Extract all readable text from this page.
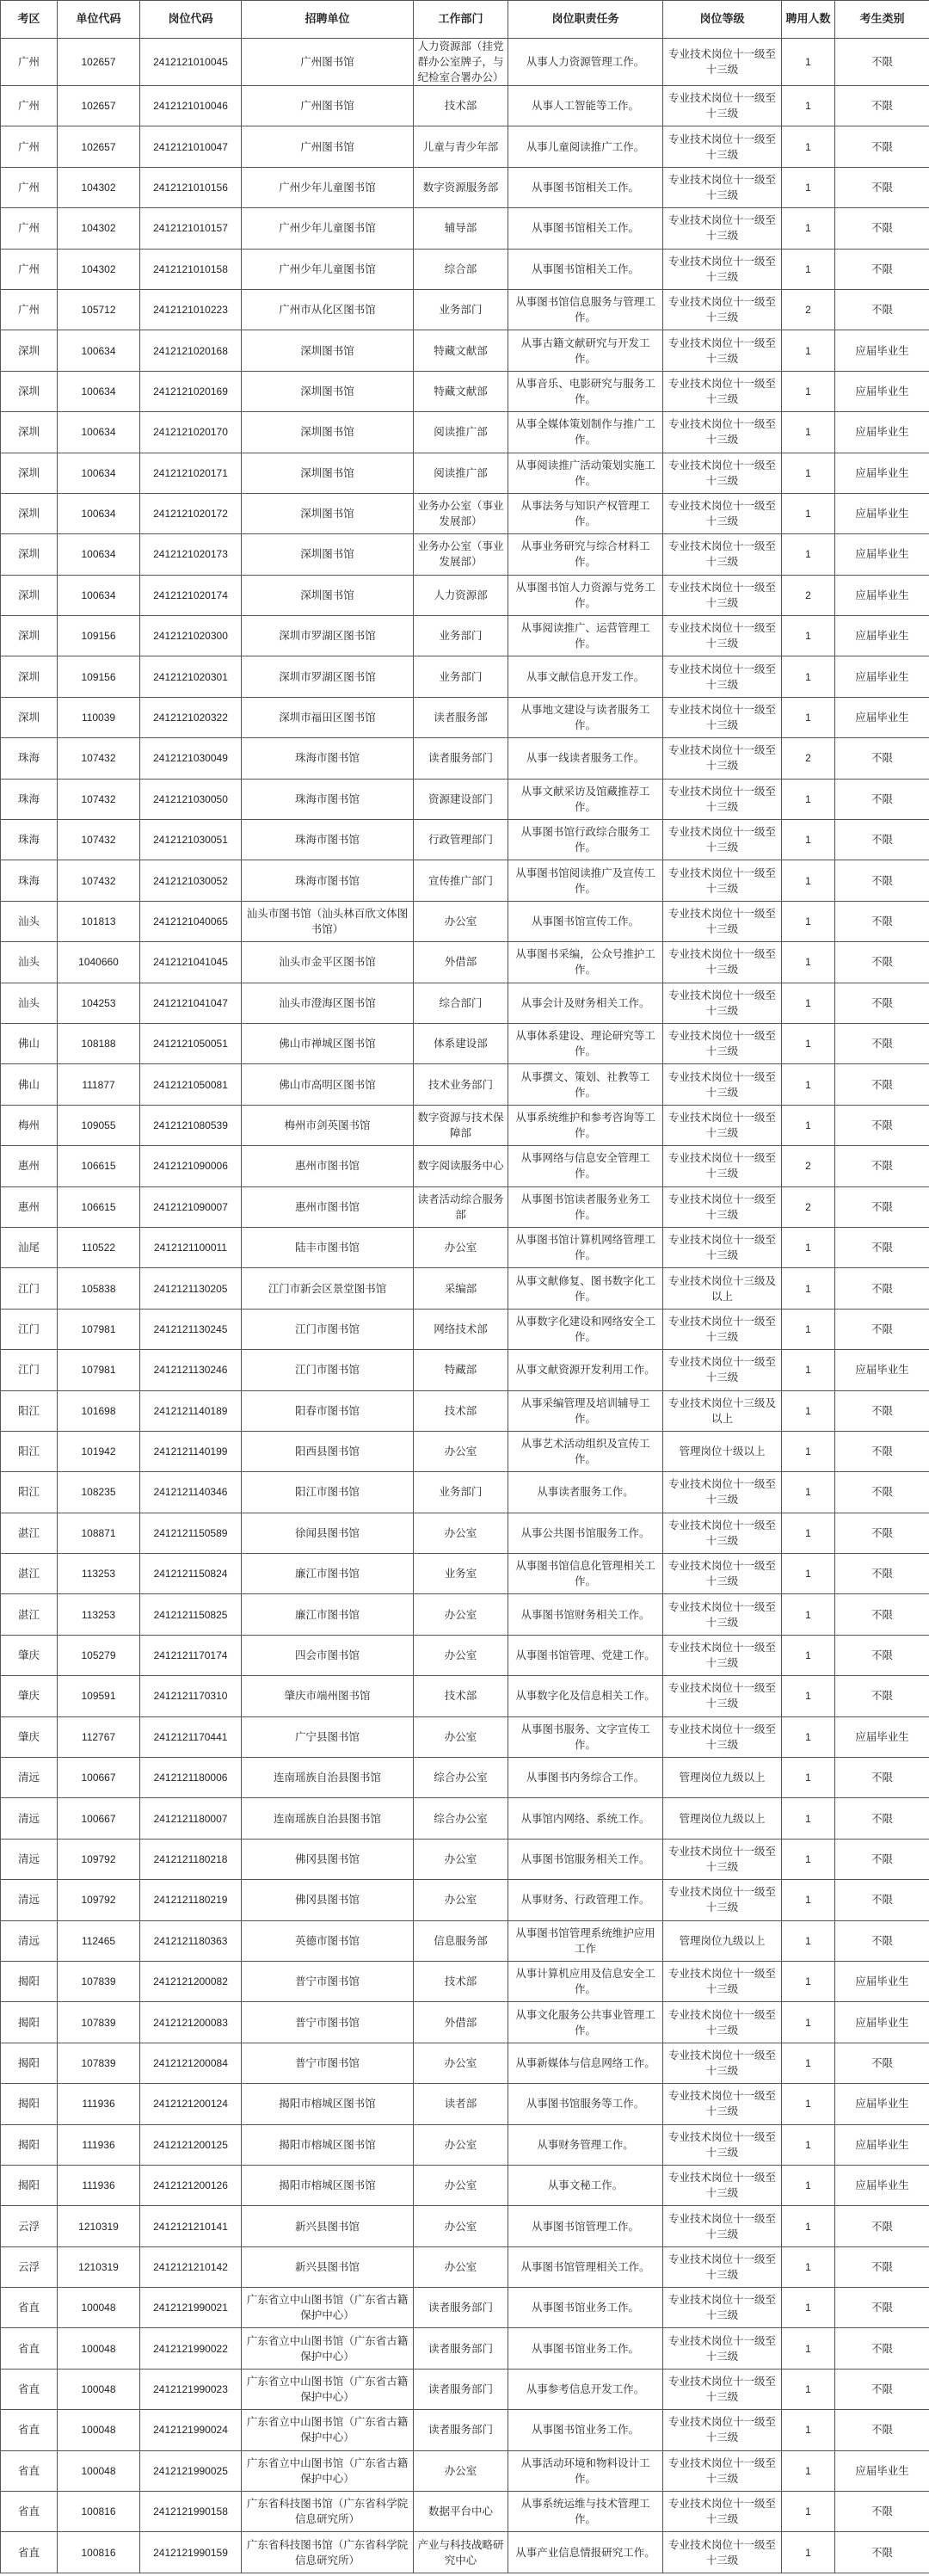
考区	单位代码	岗位代码	招聘单位	工作部门	岗位职责任务	岗位等级	聘用人数	考生类别
广州	102657	2412121010045	广州图书馆	人力资源部（挂党群办公室牌子，与纪检室合署办公）	从事人力资源管理工作。	专业技术岗位十一级至十三级	1	不限
广州	102657	2412121010046	广州图书馆	技术部	从事人工智能等工作。	专业技术岗位十一级至十三级	1	不限
广州	102657	2412121010047	广州图书馆	儿童与青少年部	从事儿童阅读推广工作。	专业技术岗位十一级至十三级	1	不限
广州	104302	2412121010156	广州少年儿童图书馆	数字资源服务部	从事图书馆相关工作。	专业技术岗位十一级至十三级	1	不限
广州	104302	2412121010157	广州少年儿童图书馆	辅导部	从事图书馆相关工作。	专业技术岗位十一级至十三级	1	不限
广州	104302	2412121010158	广州少年儿童图书馆	综合部	从事图书馆相关工作。	专业技术岗位十一级至十三级	1	不限
广州	105712	2412121010223	广州市从化区图书馆	业务部门	从事图书馆信息服务与管理工作。	专业技术岗位十一级至十三级	2	不限
深圳	100634	2412121020168	深圳图书馆	特藏文献部	从事古籍文献研究与开发工作。	专业技术岗位十一级至十三级	1	应届毕业生
深圳	100634	2412121020169	深圳图书馆	特藏文献部	从事音乐、电影研究与服务工作。	专业技术岗位十一级至十三级	1	应届毕业生
深圳	100634	2412121020170	深圳图书馆	阅读推广部	从事全媒体策划制作与推广工作。	专业技术岗位十一级至十三级	1	应届毕业生
深圳	100634	2412121020171	深圳图书馆	阅读推广部	从事阅读推广活动策划实施工作。	专业技术岗位十一级至十三级	1	应届毕业生
深圳	100634	2412121020172	深圳图书馆	业务办公室（事业发展部）	从事法务与知识产权管理工作。	专业技术岗位十一级至十三级	1	应届毕业生
深圳	100634	2412121020173	深圳图书馆	业务办公室（事业发展部）	从事业务研究与综合材料工作。	专业技术岗位十一级至十三级	1	应届毕业生
深圳	100634	2412121020174	深圳图书馆	人力资源部	从事图书馆人力资源与党务工作。	专业技术岗位十一级至十三级	2	应届毕业生
深圳	109156	2412121020300	深圳市罗湖区图书馆	业务部门	从事阅读推广、运营管理工作。	专业技术岗位十一级至十三级	1	应届毕业生
深圳	109156	2412121020301	深圳市罗湖区图书馆	业务部门	从事文献信息开发工作。	专业技术岗位十一级至十三级	1	应届毕业生
深圳	110039	2412121020322	深圳市福田区图书馆	读者服务部	从事地文建设与读者服务工作。	专业技术岗位十一级至十三级	1	应届毕业生
珠海	107432	2412121030049	珠海市图书馆	读者服务部门	从事一线读者服务工作。	专业技术岗位十一级至十三级	2	不限
珠海	107432	2412121030050	珠海市图书馆	资源建设部门	从事文献采访及馆藏推荐工作。	专业技术岗位十一级至十三级	1	不限
珠海	107432	2412121030051	珠海市图书馆	行政管理部门	从事图书馆行政综合服务工作。	专业技术岗位十一级至十三级	1	不限
珠海	107432	2412121030052	珠海市图书馆	宣传推广部门	从事图书馆阅读推广及宣传工作。	专业技术岗位十一级至十三级	1	不限
汕头	101813	2412121040065	汕头市图书馆（汕头林百欣文体图书馆）	办公室	从事图书馆宣传工作。	专业技术岗位十一级至十三级	1	不限
汕头	1040660	2412121041045	汕头市金平区图书馆	外借部	从事图书采编，公众号推护工作。	专业技术岗位十一级至十三级	1	不限
汕头	104253	2412121041047	汕头市澄海区图书馆	综合部门	从事会计及财务相关工作。	专业技术岗位十一级至十三级	1	不限
佛山	108188	2412121050051	佛山市禅城区图书馆	体系建设部	从事体系建设、理论研究等工作。	专业技术岗位十一级至十三级	1	不限
佛山	111877	2412121050081	佛山市高明区图书馆	技术业务部门	从事撰文、策划、社教等工作。	专业技术岗位十一级至十三级	1	不限
梅州	109055	2412121080539	梅州市剑英图书馆	数字资源与技术保障部	从事系统维护和参考咨询等工作。	专业技术岗位十一级至十三级	1	不限
惠州	106615	2412121090006	惠州市图书馆	数字阅读服务中心	从事网络与信息安全管理工作。	专业技术岗位十一级至十三级	2	不限
惠州	106615	2412121090007	惠州市图书馆	读者活动综合服务部	从事图书馆读者服务业务工作。	专业技术岗位十一级至十三级	2	不限
汕尾	110522	2412121100011	陆丰市图书馆	办公室	从事图书馆计算机网络管理工作。	专业技术岗位十一级至十三级	1	不限
江门	105838	2412121130205	江门市新会区景堂图书馆	采编部	从事文献修复、图书数字化工作。	专业技术岗位十三级及以上	1	不限
江门	107981	2412121130245	江门市图书馆	网络技术部	从事数字化建设和网络安全工作。	专业技术岗位十一级至十三级	1	不限
江门	107981	2412121130246	江门市图书馆	特藏部	从事文献资源开发利用工作。	专业技术岗位十一级至十三级	1	应届毕业生
阳江	101698	2412121140189	阳春市图书馆	技术部	从事采编管理及培训辅导工作。	专业技术岗位十三级及以上	1	不限
阳江	101942	2412121140199	阳西县图书馆	办公室	从事艺术活动组织及宣传工作。	管理岗位十级以上	1	不限
阳江	108235	2412121140346	阳江市图书馆	业务部门	从事读者服务工作。	专业技术岗位十一级至十三级	1	不限
湛江	108871	2412121150589	徐闻县图书馆	办公室	从事公共图书馆服务工作。	专业技术岗位十一级至十三级	1	不限
湛江	113253	2412121150824	廉江市图书馆	业务室	从事图书馆信息化管理相关工作。	专业技术岗位十一级至十三级	1	不限
湛江	113253	2412121150825	廉江市图书馆	办公室	从事图书馆财务相关工作。	专业技术岗位十一级至十三级	1	不限
肇庆	105279	2412121170174	四会市图书馆	办公室	从事图书馆管理、党建工作。	专业技术岗位十一级至十三级	1	不限
肇庆	109591	2412121170310	肇庆市端州图书馆	技术部	从事数字化及信息相关工作。	专业技术岗位十一级至十三级	1	不限
肇庆	112767	2412121170441	广宁县图书馆	办公室	从事图书服务、文字宣传工作。	专业技术岗位十一级至十三级	1	应届毕业生
清远	100667	2412121180006	连南瑶族自治县图书馆	综合办公室	从事图书内务综合工作。	管理岗位九级以上	1	不限
清远	100667	2412121180007	连南瑶族自治县图书馆	综合办公室	从事馆内网络、系统工作。	管理岗位九级以上	1	不限
清远	109792	2412121180218	佛冈县图书馆	办公室	从事图书馆服务相关工作。	专业技术岗位十一级至十三级	1	不限
清远	109792	2412121180219	佛冈县图书馆	办公室	从事财务、行政管理工作。	专业技术岗位十一级至十三级	1	不限
清远	112465	2412121180363	英德市图书馆	信息服务部	从事图书馆管理系统维护应用工作	管理岗位九级以上	1	不限
揭阳	107839	2412121200082	普宁市图书馆	技术部	从事计算机应用及信息安全工作。	专业技术岗位十一级至十三级	1	应届毕业生
揭阳	107839	2412121200083	普宁市图书馆	外借部	从事文化服务公共事业管理工作。	专业技术岗位十一级至十三级	1	应届毕业生
揭阳	107839	2412121200084	普宁市图书馆	办公室	从事新媒体与信息网络工作。	专业技术岗位十一级至十三级	1	不限
揭阳	111936	2412121200124	揭阳市榕城区图书馆	读者部	从事图书馆服务等工作。	专业技术岗位十一级至十三级	1	应届毕业生
揭阳	111936	2412121200125	揭阳市榕城区图书馆	办公室	从事财务管理工作。	专业技术岗位十一级至十三级	1	应届毕业生
揭阳	111936	2412121200126	揭阳市榕城区图书馆	办公室	从事文秘工作。	专业技术岗位十一级至十三级	1	应届毕业生
云浮	1210319	2412121210141	新兴县图书馆	办公室	从事图书馆管理工作。	专业技术岗位十一级至十三级	1	不限
云浮	1210319	2412121210142	新兴县图书馆	办公室	从事图书馆管理相关工作。	专业技术岗位十一级至十三级	1	不限
省直	100048	2412121990021	广东省立中山图书馆（广东省古籍保护中心）	读者服务部门	从事图书馆业务工作。	专业技术岗位十一级至十三级	1	不限
省直	100048	2412121990022	广东省立中山图书馆（广东省古籍保护中心）	读者服务部门	从事图书馆业务工作。	专业技术岗位十一级至十三级	1	不限
省直	100048	2412121990023	广东省立中山图书馆（广东省古籍保护中心）	读者服务部门	从事参考信息开发工作。	专业技术岗位十一级至十三级	1	不限
省直	100048	2412121990024	广东省立中山图书馆（广东省古籍保护中心）	读者服务部门	从事图书馆业务工作。	专业技术岗位十一级至十三级	1	不限
省直	100048	2412121990025	广东省立中山图书馆（广东省古籍保护中心）	办公室	从事活动环境和物料设计工作。	专业技术岗位十一级至十三级	1	应届毕业生
省直	100816	2412121990158	广东省科技图书馆（广东省科学院信息研究所）	数据平台中心	从事系统运维与技术管理工作。	专业技术岗位十一级至十三级	1	不限
省直	100816	2412121990159	广东省科技图书馆（广东省科学院信息研究所）	产业与科技战略研究中心	从事产业信息情报研究工作。	专业技术岗位十一级至十三级	1	不限
